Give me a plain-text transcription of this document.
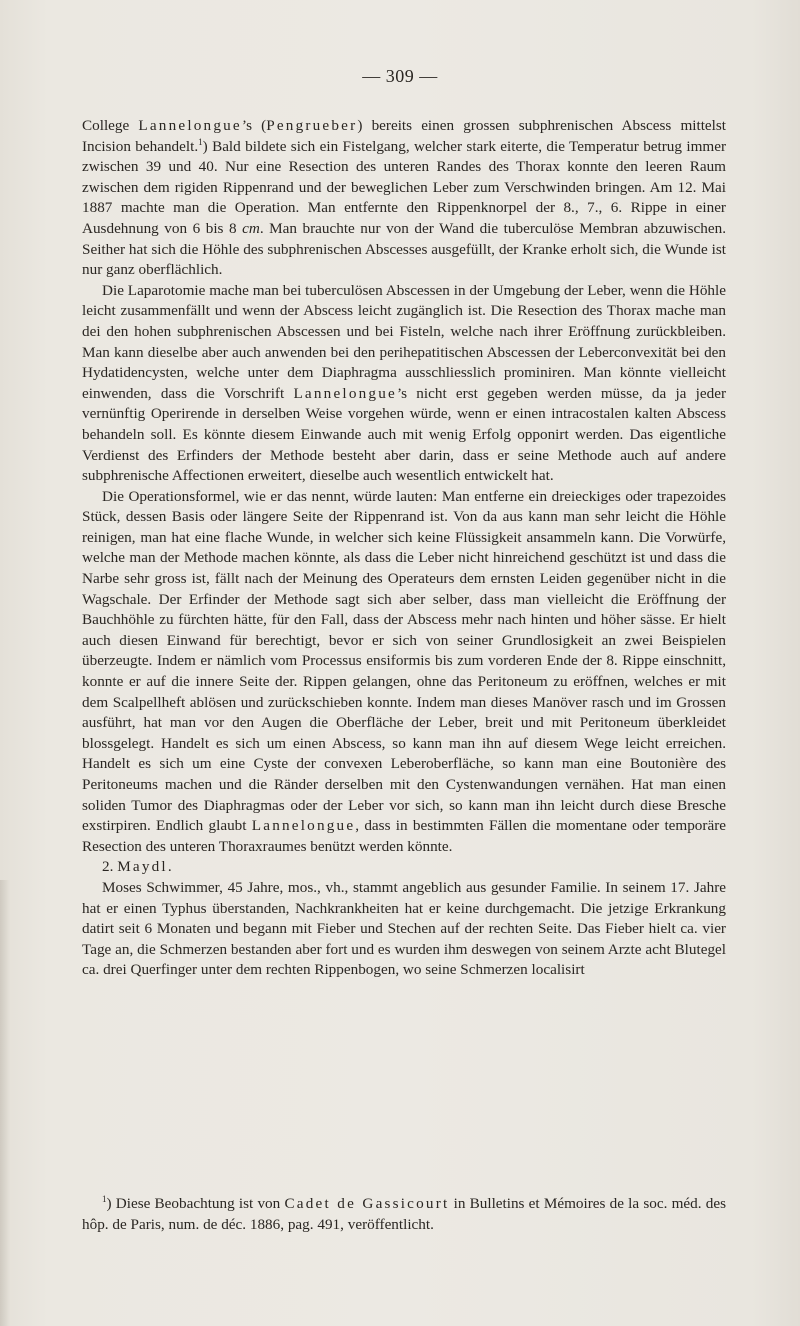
— 309 —

College Lannelongue’s (Pengrueber) bereits einen grossen subphrenischen Abscess mittelst Incision behandelt.$^1$) Bald bildete sich ein Fistelgang, welcher stark eiterte, die Temperatur betrug immer zwischen 39 und 40. Nur eine Resection des unteren Randes des Thorax konnte den leeren Raum zwischen dem rigiden Rippenrand und der beweglichen Leber zum Verschwinden bringen. Am 12. Mai 1887 machte man die Operation. Man entfernte den Rippenknorpel der 8., 7., 6. Rippe in einer Ausdehnung von 6 bis 8 cm. Man brauchte nur von der Wand die tuberculöse Membran abzuwischen. Seither hat sich die Höhle des subphrenischen Abscesses ausgefüllt, der Kranke erholt sich, die Wunde ist nur ganz oberflächlich.

Die Laparotomie mache man bei tuberculösen Abscessen in der Umgebung der Leber, wenn die Höhle leicht zusammenfällt und wenn der Abscess leicht zugänglich ist. Die Resection des Thorax mache man dei den hohen subphrenischen Abscessen und bei Fisteln, welche nach ihrer Eröffnung zurückbleiben. Man kann dieselbe aber auch anwenden bei den perihepatitischen Abscessen der Leberconvexität bei den Hydatidencysten, welche unter dem Diaphragma ausschliesslich prominiren. Man könnte vielleicht einwenden, dass die Vorschrift Lannelongue’s nicht erst gegeben werden müsse, da ja jeder vernünftig Operirende in derselben Weise vorgehen würde, wenn er einen intracostalen kalten Abscess behandeln soll. Es könnte diesem Einwande auch mit wenig Erfolg opponirt werden. Das eigentliche Verdienst des Erfinders der Methode besteht aber darin, dass er seine Methode auch auf andere subphrenische Affectionen erweitert, dieselbe auch wesentlich entwickelt hat.

Die Operationsformel, wie er das nennt, würde lauten: Man entferne ein dreieckiges oder trapezoides Stück, dessen Basis oder längere Seite der Rippenrand ist. Von da aus kann man sehr leicht die Höhle reinigen, man hat eine flache Wunde, in welcher sich keine Flüssigkeit ansammeln kann. Die Vorwürfe, welche man der Methode machen könnte, als dass die Leber nicht hinreichend geschützt ist und dass die Narbe sehr gross ist, fällt nach der Meinung des Operateurs dem ernsten Leiden gegenüber nicht in die Wagschale. Der Erfinder der Methode sagt sich aber selber, dass man vielleicht die Eröffnung der Bauchhöhle zu fürchten hätte, für den Fall, dass der Abscess mehr nach hinten und höher sässe. Er hielt auch diesen Einwand für berechtigt, bevor er sich von seiner Grundlosigkeit an zwei Beispielen überzeugte. Indem er nämlich vom Processus ensiformis bis zum vorderen Ende der 8. Rippe einschnitt, konnte er auf die innere Seite der. Rippen gelangen, ohne das Peritoneum zu eröffnen, welches er mit dem Scalpellheft ablösen und zurückschieben konnte. Indem man dieses Manöver rasch und im Grossen ausführt, hat man vor den Augen die Oberfläche der Leber, breit und mit Peritoneum überkleidet blossgelegt. Handelt es sich um einen Abscess, so kann man ihn auf diesem Wege leicht erreichen. Handelt es sich um eine Cyste der convexen Leberoberfläche, so kann man eine Boutonière des Peritoneums machen und die Ränder derselben mit den Cystenwandungen vernähen. Hat man einen soliden Tumor des Diaphragmas oder der Leber vor sich, so kann man ihn leicht durch diese Bresche exstirpiren. Endlich glaubt Lannelongue, dass in bestimmten Fällen die momentane oder temporäre Resection des unteren Thoraxraumes benützt werden könnte.

2. Maydl.

Moses Schwimmer, 45 Jahre, mos., vh., stammt angeblich aus gesunder Familie. In seinem 17. Jahre hat er einen Typhus überstanden, Nachkrankheiten hat er keine durchgemacht. Die jetzige Erkrankung datirt seit 6 Monaten und begann mit Fieber und Stechen auf der rechten Seite. Das Fieber hielt ca. vier Tage an, die Schmerzen bestanden aber fort und es wurden ihm deswegen von seinem Arzte acht Blutegel ca. drei Querfinger unter dem rechten Rippenbogen, wo seine Schmerzen localisirt

$^1$) Diese Beobachtung ist von Cadet de Gassicourt in Bulletins et Mémoires de la soc. méd. des hôp. de Paris, num. de déc. 1886, pag. 491, veröffentlicht.
